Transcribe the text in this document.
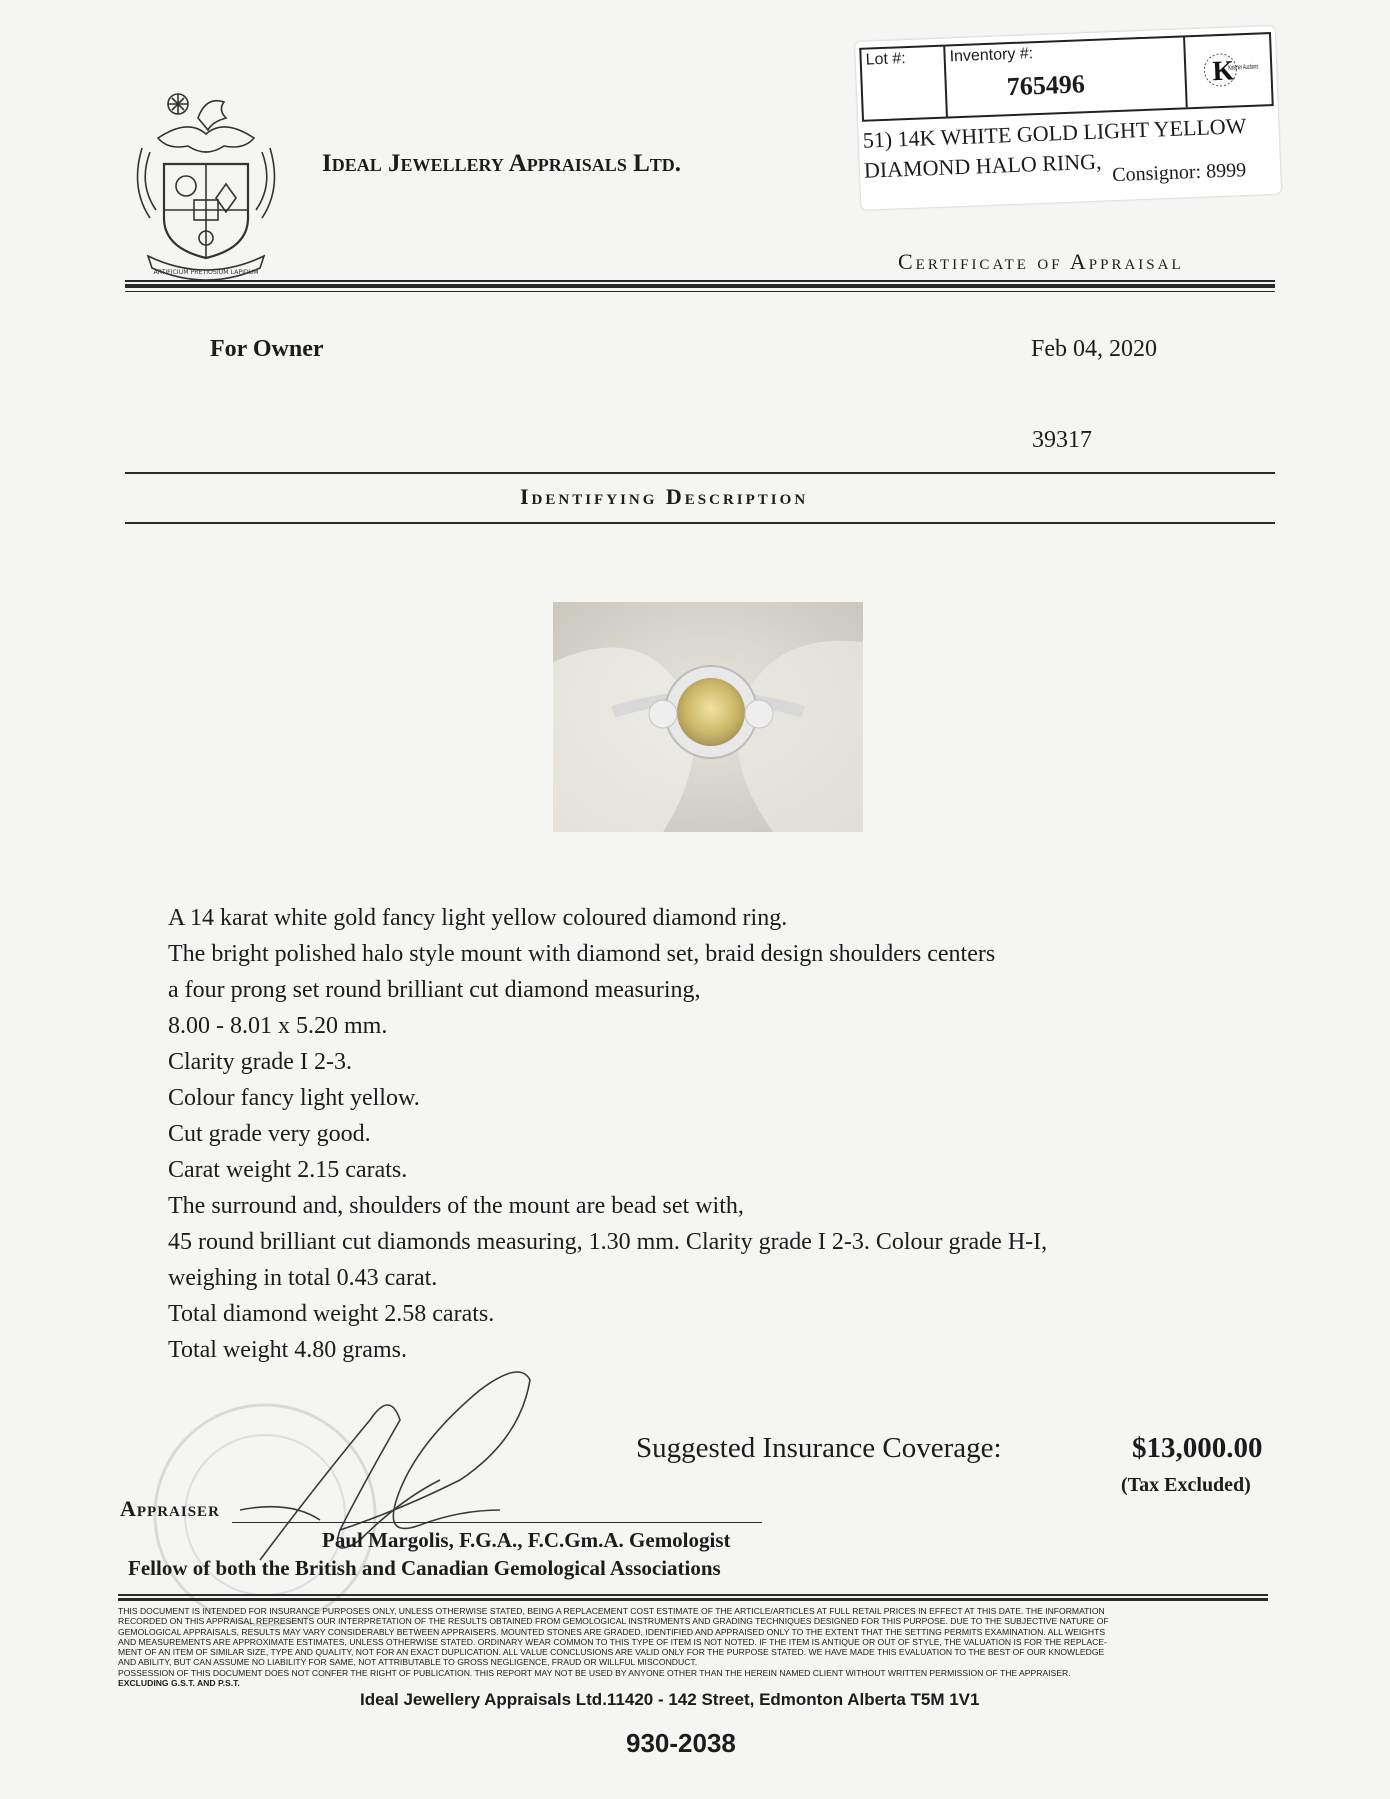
ARTIFICIUM PRETIOSIUM LAPIDUM
Ideal Jewellery Appraisals Ltd.
Lot #:	Inventory #:
765496	K
Kastner Auctions
51) 14K WHITE GOLD LIGHT YELLOW
DIAMOND HALO RING, Consignor: 8999
Certificate of Appraisal
For Owner	Feb 04, 2020
39317
Identifying Description
A 14 karat white gold fancy light yellow coloured diamond ring.
The bright polished halo style mount with diamond set, braid design shoulders centers
a four prong set round brilliant cut diamond measuring,
8.00 - 8.01 x 5.20 mm.
Clarity grade I 2-3.
Colour fancy light yellow.
Cut grade very good.
Carat weight 2.15 carats.
The surround and, shoulders of the mount are bead set with,
45 round brilliant cut diamonds measuring, 1.30 mm. Clarity grade I 2-3. Colour grade H-I,
weighing in total 0.43 carat.
Total diamond weight 2.58 carats.
Total weight 4.80 grams.
Suggested Insurance Coverage:	$13,000.00
(Tax Excluded)
Appraiser
Paul Margolis, F.G.A., F.C.Gm.A. Gemologist
Fellow of both the British and Canadian Gemological Associations
THIS DOCUMENT IS INTENDED FOR INSURANCE PURPOSES ONLY, UNLESS OTHERWISE STATED, BEING A REPLACEMENT COST ESTIMATE OF THE ARTICLE/ARTICLES AT FULL RETAIL PRICES IN EFFECT AT THIS DATE. THE INFORMATION
RECORDED ON THIS APPRAISAL REPRESENTS OUR INTERPRETATION OF THE RESULTS OBTAINED FROM GEMOLOGICAL INSTRUMENTS AND GRADING TECHNIQUES DESIGNED FOR THIS PURPOSE. DUE TO THE SUBJECTIVE NATURE OF
GEMOLOGICAL APPRAISALS, RESULTS MAY VARY CONSIDERABLY BETWEEN APPRAISERS. MOUNTED STONES ARE GRADED, IDENTIFIED AND APPRAISED ONLY TO THE EXTENT THAT THE SETTING PERMITS EXAMINATION. ALL WEIGHTS
AND MEASUREMENTS ARE APPROXIMATE ESTIMATES, UNLESS OTHERWISE STATED. ORDINARY WEAR COMMON TO THIS TYPE OF ITEM IS NOT NOTED. IF THE ITEM IS ANTIQUE OR OUT OF STYLE, THE VALUATION IS FOR THE REPLACE-
MENT OF AN ITEM OF SIMILAR SIZE, TYPE AND QUALITY, NOT FOR AN EXACT DUPLICATION. ALL VALUE CONCLUSIONS ARE VALID ONLY FOR THE PURPOSE STATED. WE HAVE MADE THIS EVALUATION TO THE BEST OF OUR KNOWLEDGE
AND ABILITY, BUT CAN ASSUME NO LIABILITY FOR SAME, NOT ATTRIBUTABLE TO GROSS NEGLIGENCE, FRAUD OR WILLFUL MISCONDUCT.
POSSESSION OF THIS DOCUMENT DOES NOT CONFER THE RIGHT OF PUBLICATION. THIS REPORT MAY NOT BE USED BY ANYONE OTHER THAN THE HEREIN NAMED CLIENT WITHOUT WRITTEN PERMISSION OF THE APPRAISER.
EXCLUDING G.S.T. AND P.S.T.
Ideal Jewellery Appraisals Ltd.11420 - 142 Street, Edmonton Alberta T5M 1V1
930-2038
